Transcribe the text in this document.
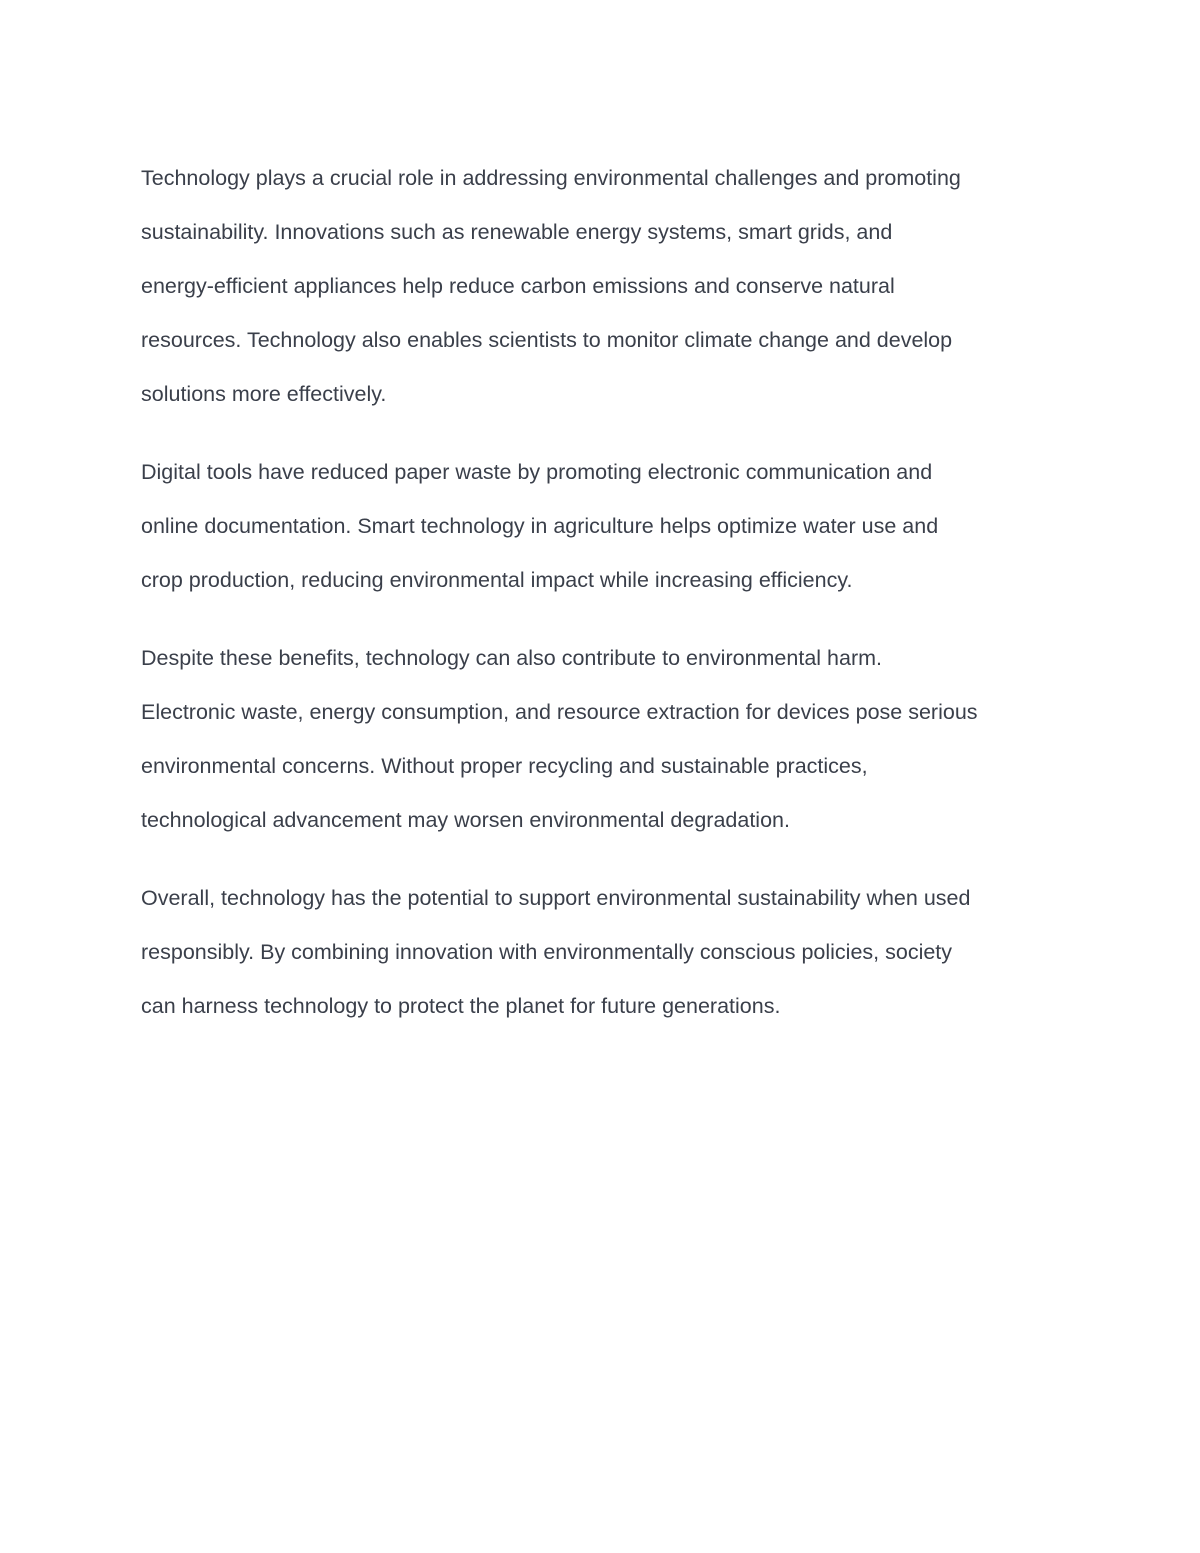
Technology plays a crucial role in addressing environmental challenges and promoting
sustainability. Innovations such as renewable energy systems, smart grids, and
energy-efficient appliances help reduce carbon emissions and conserve natural
resources. Technology also enables scientists to monitor climate change and develop
solutions more effectively.

Digital tools have reduced paper waste by promoting electronic communication and
online documentation. Smart technology in agriculture helps optimize water use and
crop production, reducing environmental impact while increasing efficiency.

Despite these benefits, technology can also contribute to environmental harm.
Electronic waste, energy consumption, and resource extraction for devices pose serious
environmental concerns. Without proper recycling and sustainable practices,
technological advancement may worsen environmental degradation.

Overall, technology has the potential to support environmental sustainability when used
responsibly. By combining innovation with environmentally conscious policies, society
can harness technology to protect the planet for future generations.
